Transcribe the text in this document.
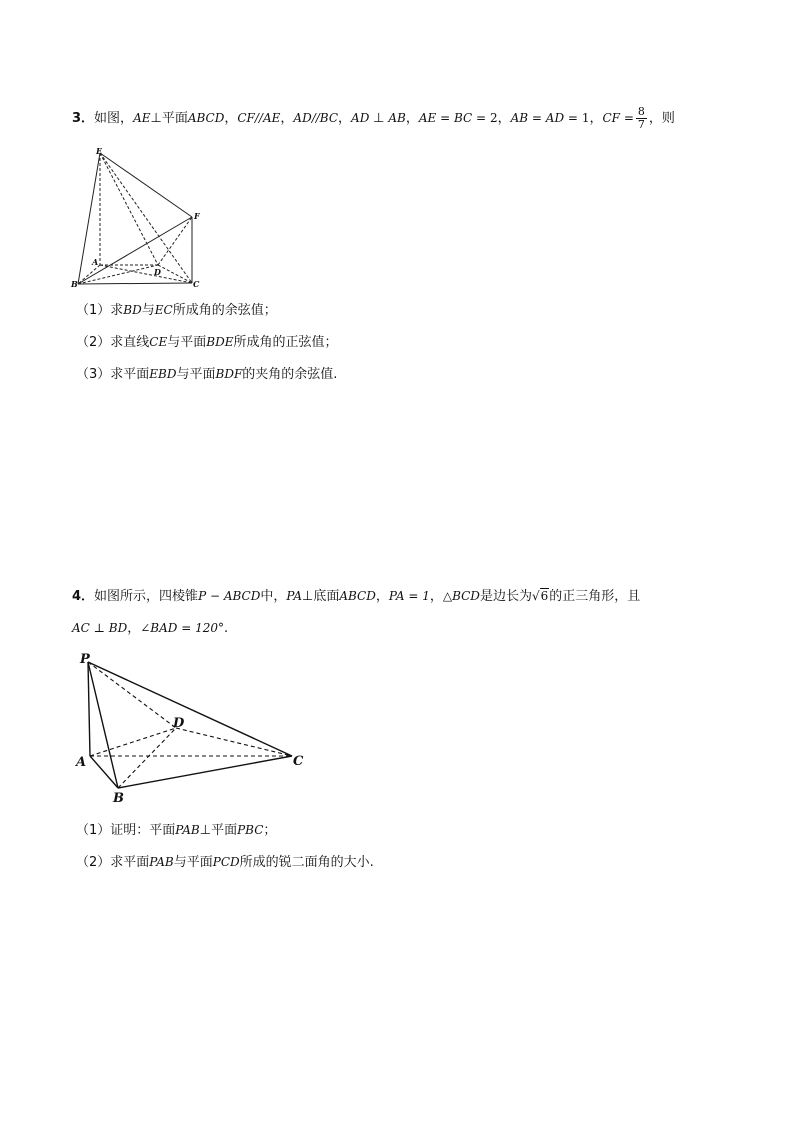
3．如图，AE⊥平面ABCD，CF//AE，AD//BC，AD ⊥ AB，AE = BC = 2，AB = AD = 1，CF = $\frac{8}{7}$ ，则
E
F
A
D
B	C
（1）求BD与EC所成角的余弦值；
（2）求直线CE与平面BDE所成角的正弦值；
（3）求平面EBD与平面BDF的夹角的余弦值.
4．如图所示，四棱锥P − ABCD中，PA⊥底面ABCD，PA = 1，△BCD是边长为√6的正三角形，且
AC ⊥ BD，∠BAD = 120°.
P
D
A	C
B
（1）证明：平面PAB⊥平面PBC；
（2）求平面PAB与平面PCD所成的锐二面角的大小.
